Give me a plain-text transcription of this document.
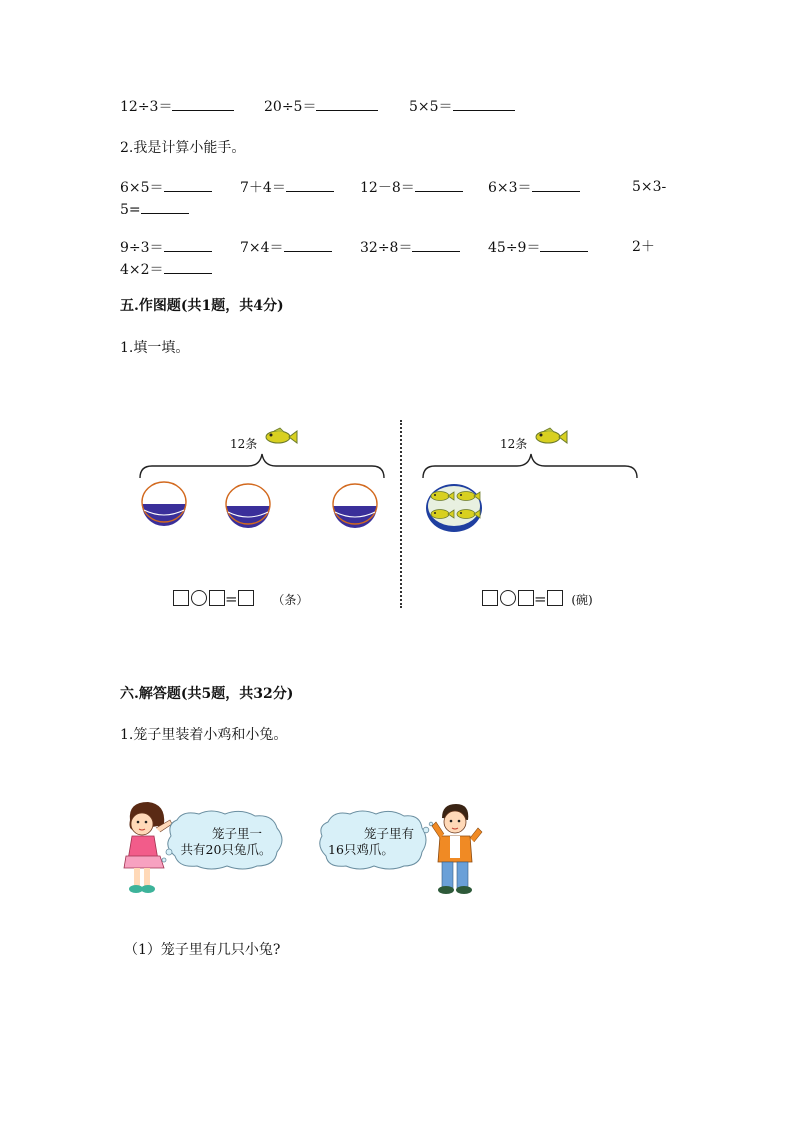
12÷3＝	20÷5＝	5×5＝
2.我是计算小能手。
6×5＝	7＋4＝	12－8＝	6×3＝	5×3-
5=
9÷3＝	7×4＝	32÷8＝	45÷9＝	2＋
4×2＝
五.作图题(共1题，共4分)
1.填一填。
12条
=	（条）
12条
= (碗)
六.解答题(共5题，共32分)
1.笼子里装着小鸡和小兔。
笼子里一
共有20只兔爪。
笼子里有
16只鸡爪。
（1）笼子里有几只小兔?
